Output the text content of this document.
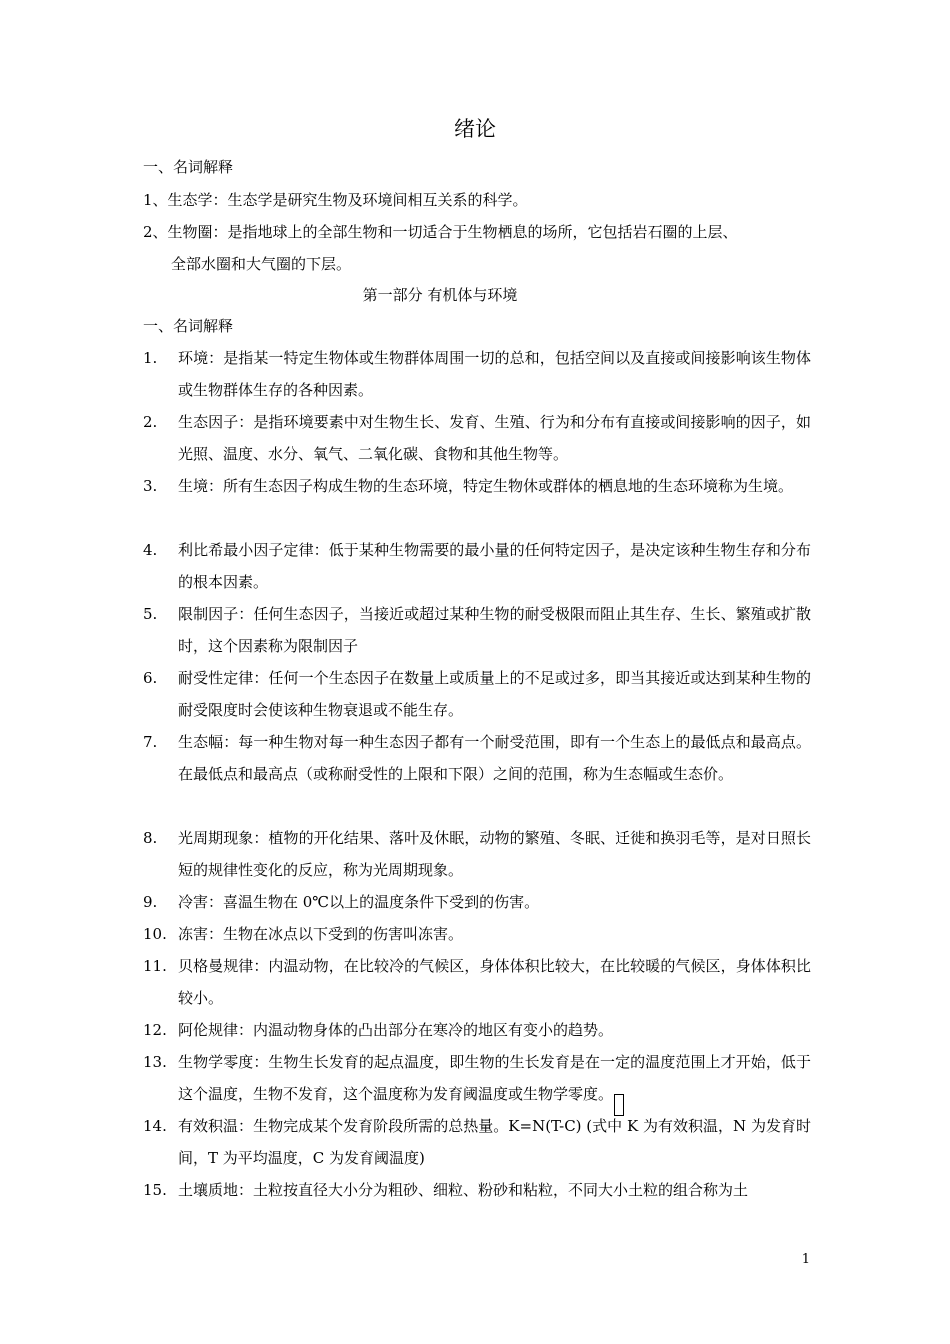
绪论
一、名词解释
1、生态学：生态学是研究生物及环境间相互关系的科学。
2、生物圈：是指地球上的全部生物和一切适合于生物栖息的场所，它包括岩石圈的上层、
全部水圈和大气圈的下层。
第一部分 有机体与环境
一、名词解释
1. 环境：是指某一特定生物体或生物群体周围一切的总和，包括空间以及直接或间接影响该生物体或生物群体生存的各种因素。
2. 生态因子：是指环境要素中对生物生长、发育、生殖、行为和分布有直接或间接影响的因子，如光照、温度、水分、氧气、二氧化碳、食物和其他生物等。
3. 生境：所有生态因子构成生物的生态环境，特定生物休或群体的栖息地的生态环境称为生境。
4. 利比希最小因子定律：低于某种生物需要的最小量的任何特定因子，是决定该种生物生存和分布的根本因素。
5. 限制因子：任何生态因子，当接近或超过某种生物的耐受极限而阻止其生存、生长、繁殖或扩散时，这个因素称为限制因子
6. 耐受性定律：任何一个生态因子在数量上或质量上的不足或过多，即当其接近或达到某种生物的耐受限度时会使该种生物衰退或不能生存。
7. 生态幅：每一种生物对每一种生态因子都有一个耐受范围，即有一个生态上的最低点和最高点。在最低点和最高点（或称耐受性的上限和下限）之间的范围，称为生态幅或生态价。
8. 光周期现象：植物的开化结果、落叶及休眠，动物的繁殖、冬眠、迁徙和换羽毛等，是对日照长短的规律性变化的反应，称为光周期现象。
9. 冷害：喜温生物在 0℃以上的温度条件下受到的伤害。
10. 冻害：生物在冰点以下受到的伤害叫冻害。
11. 贝格曼规律：内温动物，在比较冷的气候区，身体体积比较大，在比较暖的气候区，身体体积比较小。
12. 阿伦规律：内温动物身体的凸出部分在寒冷的地区有变小的趋势。
13. 生物学零度：生物生长发育的起点温度，即生物的生长发育是在一定的温度范围上才开始，低于这个温度，生物不发育，这个温度称为发育阈温度或生物学零度。
14. 有效积温：生物完成某个发育阶段所需的总热量。K=N(T-C) (式中 K 为有效积温，N 为发育时间，T 为平均温度，C 为发育阈温度)
15. 土壤质地：土粒按直径大小分为粗砂、细粒、粉砂和粘粒，不同大小土粒的组合称为土
1
